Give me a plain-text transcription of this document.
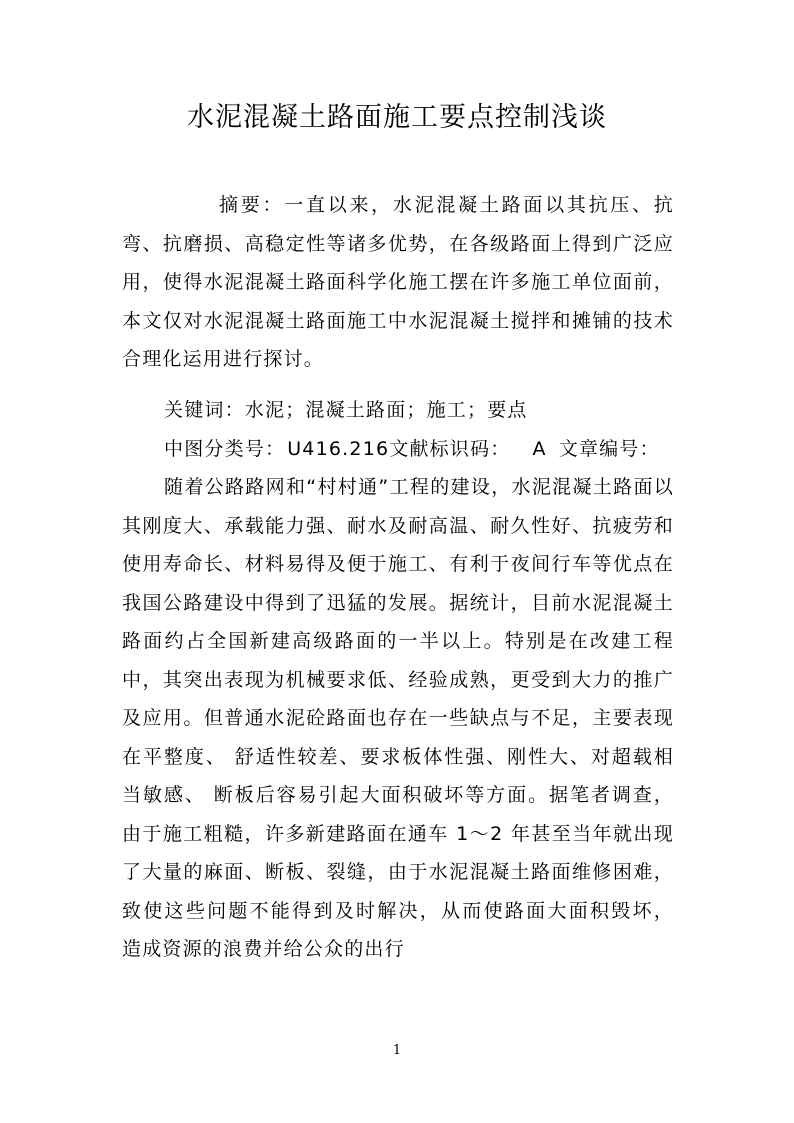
水泥混凝土路面施工要点控制浅谈

摘要：一直以来，水泥混凝土路面以其抗压、抗弯、抗磨损、高稳定性等诸多优势，在各级路面上得到广泛应用，使得水泥混凝土路面科学化施工摆在许多施工单位面前，本文仅对水泥混凝土路面施工中水泥混凝土搅拌和摊铺的技术合理化运用进行探讨。

关键词：水泥；混凝土路面；施工；要点

中图分类号： U416.216文献标识码： A 文章编号：

随着公路路网和“村村通”工程的建设，水泥混凝土路面以其刚度大、承载能力强、耐水及耐高温、耐久性好、抗疲劳和使用寿命长、材料易得及便于施工、有利于夜间行车等优点在我国公路建设中得到了迅猛的发展。据统计，目前水泥混凝土路面约占全国新建高级路面的一半以上。特别是在改建工程中，其突出表现为机械要求低、经验成熟，更受到大力的推广及应用。但普通水泥砼路面也存在一些缺点与不足，主要表现在平整度、 舒适性较差、要求板体性强、刚性大、对超载相当敏感、 断板后容易引起大面积破坏等方面。据笔者调查，由于施工粗糙，许多新建路面在通车 1～2 年甚至当年就出现了大量的麻面、断板、裂缝，由于水泥混凝土路面维修困难，致使这些问题不能得到及时解决，从而使路面大面积毁坏， 造成资源的浪费并给公众的出行

1
